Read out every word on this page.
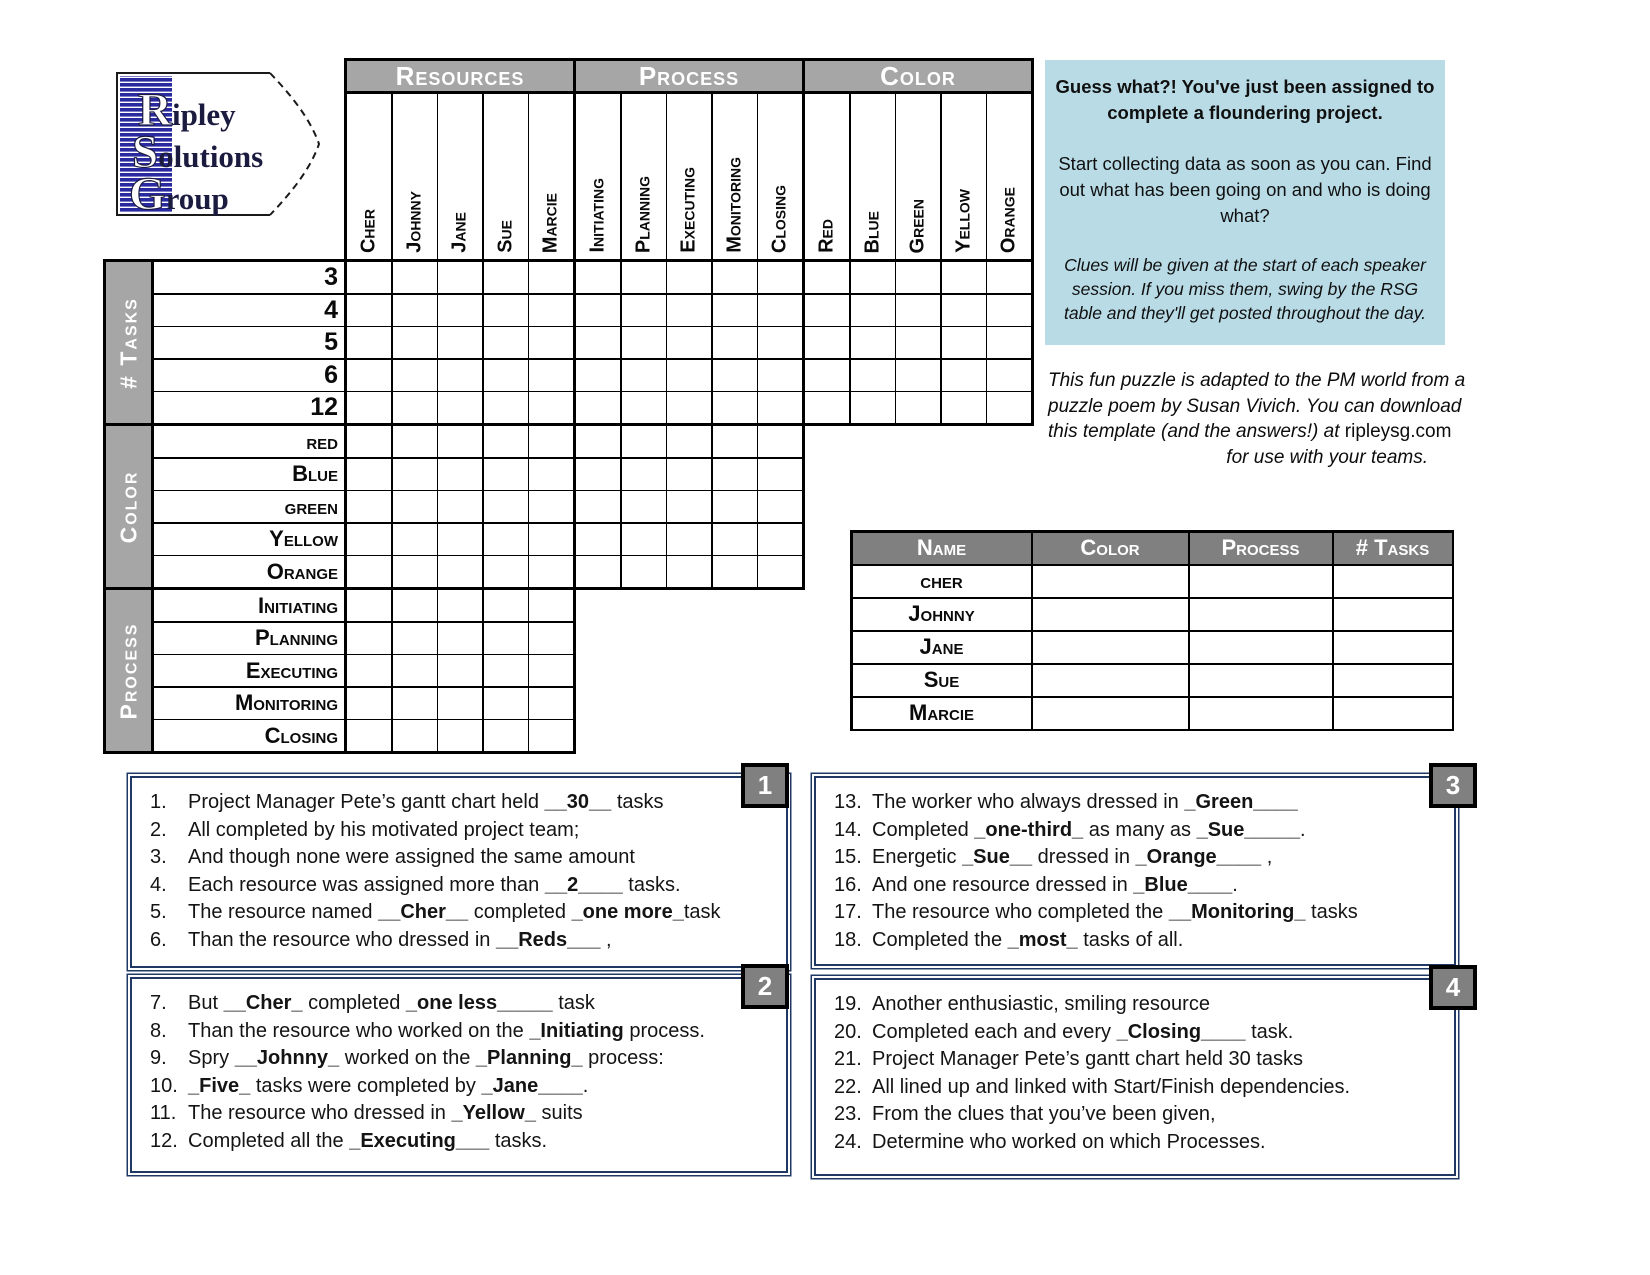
Ripley
Solutions
Group
Resources	Process	Color
Cher Johnny Jane Sue Marcie Initiating Planning Executing Monitoring Closing Red Blue Green Yellow Orange
# Tasks
3
4
5
6
12
Color
red
Blue
green
Yellow
Orange
Process
Initiating
Planning
Executing
Monitoring
Closing
Guess what?! You've just been assigned to
complete a floundering project.
Start collecting data as soon as you can. Find
out what has been going on and who is doing
what?
Clues will be given at the start of each speaker
session. If you miss them, swing by the RSG
table and they'll get posted throughout the day.
This fun puzzle is adapted to the PM world from a
puzzle poem by Susan Vivich. You can download
this template (and the answers!) at ripleysg.com
for use with your teams.
Name	Color	Process	# Tasks
cher
Johnny
Jane
Sue
Marcie
1.	Project Manager Pete’s gantt chart held __30__ tasks
2.	All completed by his motivated project team;
3.	And though none were assigned the same amount
4.	Each resource was assigned more than __2____ tasks.
5.	The resource named __Cher__ completed _one more_task
6.	Than the resource who dressed in __Reds___ ,
7.	But __Cher_ completed _one less_____ task
8.	Than the resource who worked on the _Initiating process.
9.	Spry __Johnny_ worked on the _Planning_ process:
10. _Five_ tasks were completed by _Jane____.
11. The resource who dressed in _Yellow_ suits
12. Completed all the _Executing___ tasks.
13. The worker who always dressed in _Green____
14. Completed _one-third_ as many as _Sue_____.
15. Energetic _Sue__ dressed in _Orange____ ,
16. And one resource dressed in _Blue____.
17. The resource who completed the __Monitoring_ tasks
18. Completed the _most_ tasks of all.
19. Another enthusiastic, smiling resource
20. Completed each and every _Closing____ task.
21. Project Manager Pete’s gantt chart held 30 tasks
22. All lined up and linked with Start/Finish dependencies.
23. From the clues that you’ve been given,
24. Determine who worked on which Processes.
1
2
3
4
